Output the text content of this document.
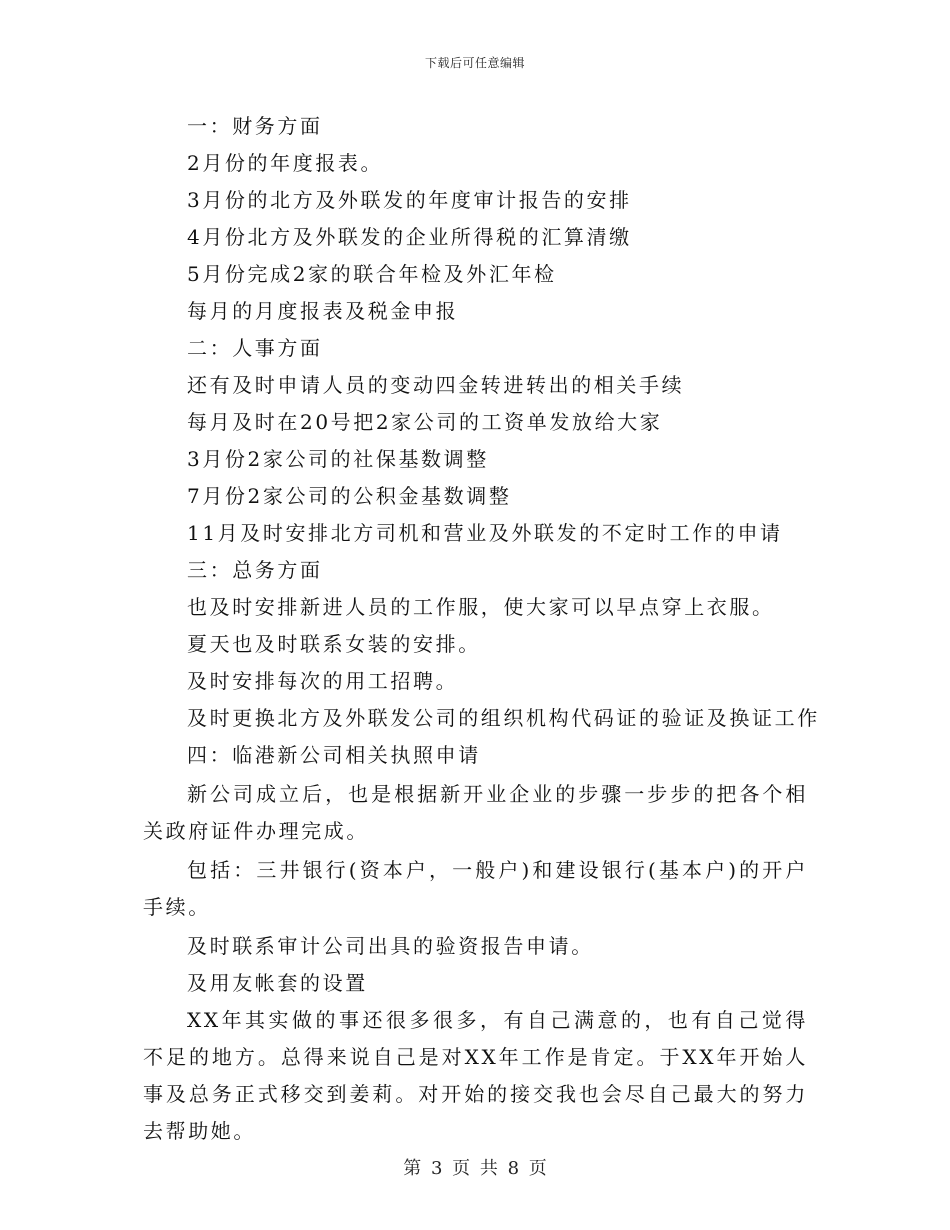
下载后可任意编辑

一：财务方面

2月份的年度报表。

3月份的北方及外联发的年度审计报告的安排

4月份北方及外联发的企业所得税的汇算清缴

5月份完成2家的联合年检及外汇年检

每月的月度报表及税金申报

二：人事方面

还有及时申请人员的变动四金转进转出的相关手续

每月及时在20号把2家公司的工资单发放给大家

3月份2家公司的社保基数调整

7月份2家公司的公积金基数调整

11月及时安排北方司机和营业及外联发的不定时工作的申请

三：总务方面

也及时安排新进人员的工作服，使大家可以早点穿上衣服。

夏天也及时联系女装的安排。

及时安排每次的用工招聘。

及时更换北方及外联发公司的组织机构代码证的验证及换证工作

四：临港新公司相关执照申请

新公司成立后，也是根据新开业企业的步骤一步步的把各个相关政府证件办理完成。

包括：三井银行(资本户，一般户)和建设银行(基本户)的开户手续。

及时联系审计公司出具的验资报告申请。

及用友帐套的设置

XX年其实做的事还很多很多，有自己满意的，也有自己觉得不足的地方。总得来说自己是对XX年工作是肯定。于XX年开始人事及总务正式移交到姜莉。对开始的接交我也会尽自己最大的努力去帮助她。

第 3 页 共 8 页
